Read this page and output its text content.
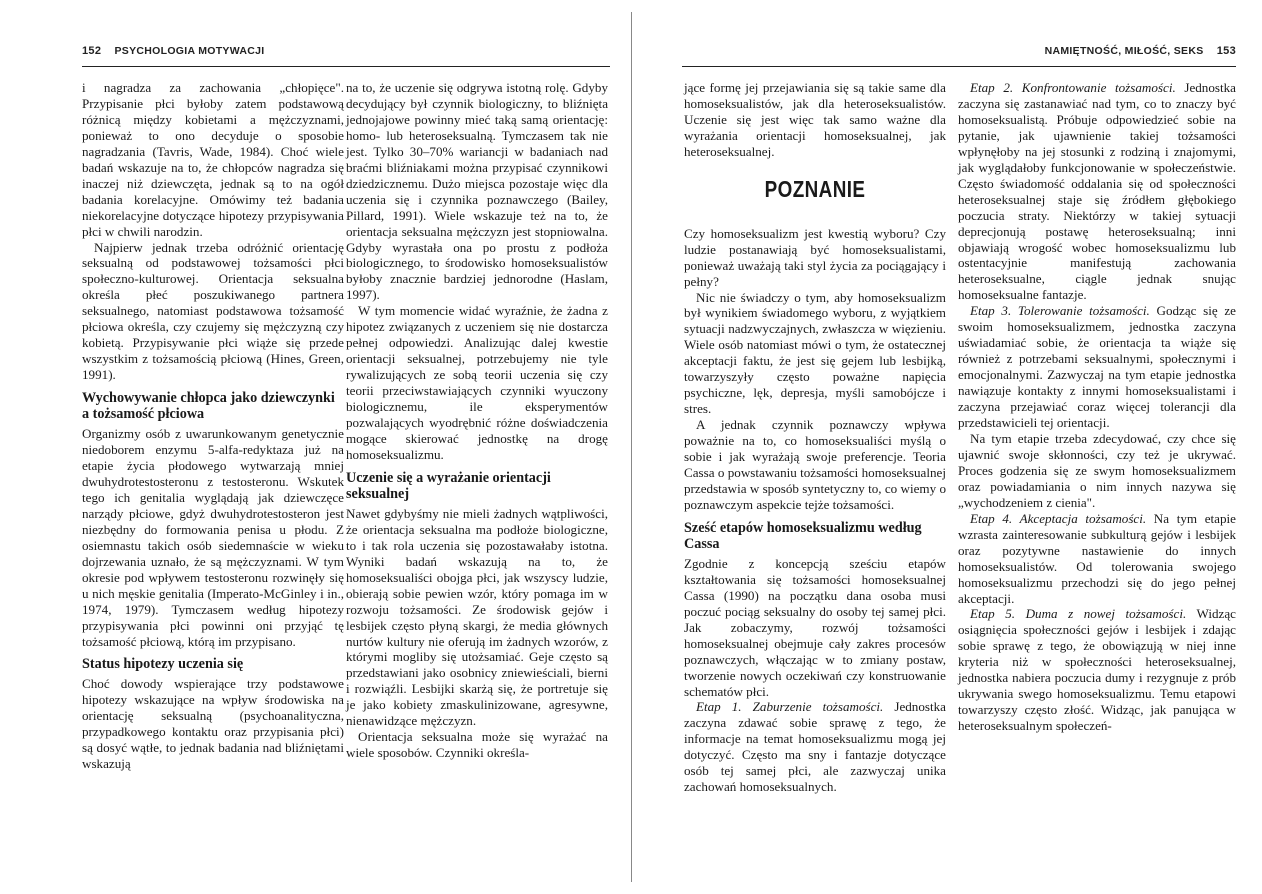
152 PSYCHOLOGIA MOTYWACJI

i nagradza za zachowania „chłopięce". Przypisanie płci byłoby zatem podstawową różnicą między kobietami a mężczyznami, ponieważ to ono decyduje o sposobie nagradzania (Tavris, Wade, 1984). Choć wiele badań wskazuje na to, że chłopców nagradza się inaczej niż dziewczęta, jednak są to na ogół badania korelacyjne. Omówimy też badania niekorelacyjne dotyczące hipotezy przypisywania płci w chwili narodzin.

Najpierw jednak trzeba odróżnić orientację seksualną od podstawowej tożsamości płci społeczno-kulturowej. Orientacja seksualna określa płeć poszukiwanego partnera seksualnego, natomiast podstawowa tożsamość płciowa określa, czy czujemy się mężczyzną czy kobietą. Przypisywanie płci wiąże się przede wszystkim z tożsamością płciową (Hines, Green, 1991).

Wychowywanie chłopca jako dziewczynki a tożsamość płciowa

Organizmy osób z uwarunkowanym genetycznie niedoborem enzymu 5-alfa-redyktaza już na etapie życia płodowego wytwarzają mniej dwuhydrotestosteronu z testosteronu. Wskutek tego ich genitalia wyglądają jak dziewczęce narządy płciowe, gdyż dwuhydrotestosteron jest niezbędny do formowania penisa u płodu. Z osiemnastu takich osób siedemnaście w wieku dojrzewania uznało, że są mężczyznami. W tym okresie pod wpływem testosteronu rozwinęły się u nich męskie genitalia (Imperato-McGinley i in., 1974, 1979). Tymczasem według hipotezy przypisywania płci powinni oni przyjąć tę tożsamość płciową, którą im przypisano.

Status hipotezy uczenia się

Choć dowody wspierające trzy podstawowe hipotezy wskazujące na wpływ środowiska na orientację seksualną (psychoanalityczna, przypadkowego kontaktu oraz przypisania płci) są dosyć wątłe, to jednak badania nad bliźniętami wskazują

na to, że uczenie się odgrywa istotną rolę. Gdyby decydujący był czynnik biologiczny, to bliźnięta jednojajowe powinny mieć taką samą orientację: homo- lub heteroseksualną. Tymczasem tak nie jest. Tylko 30–70% wariancji w badaniach nad braćmi bliźniakami można przypisać czynnikowi dziedzicznemu. Dużo miejsca pozostaje więc dla uczenia się i czynnika poznawczego (Bailey, Pillard, 1991). Wiele wskazuje też na to, że orientacja seksualna mężczyzn jest stopniowalna. Gdyby wyrastała ona po prostu z podłoża biologicznego, to środowisko homoseksualistów byłoby znacznie bardziej jednorodne (Haslam, 1997).

W tym momencie widać wyraźnie, że żadna z hipotez związanych z uczeniem się nie dostarcza pełnej odpowiedzi. Analizując dalej kwestie orientacji seksualnej, potrzebujemy nie tyle rywalizujących ze sobą teorii uczenia się czy teorii przeciwstawiających czynniki wyuczony biologicznemu, ile eksperymentów pozwalających wyodrębnić różne doświadczenia mogące skierować jednostkę na drogę homoseksualizmu.

Uczenie się a wyrażanie orientacji seksualnej

Nawet gdybyśmy nie mieli żadnych wątpliwości, że orientacja seksualna ma podłoże biologiczne, to i tak rola uczenia się pozostawałaby istotna. Wyniki badań wskazują na to, że homoseksualiści obojga płci, jak wszyscy ludzie, obierają sobie pewien wzór, który pomaga im w rozwoju tożsamości. Ze środowisk gejów i lesbijek często płyną skargi, że media głównych nurtów kultury nie oferują im żadnych wzorów, z którymi mogliby się utożsamiać. Geje często są przedstawiani jako osobnicy zniewieściali, bierni i rozwiąźli. Lesbijki skarżą się, że portretuje się je jako kobiety zmaskulinizowane, agresywne, nienawidzące mężczyzn.

Orientacja seksualna może się wyrażać na wiele sposobów. Czynniki określa-

NAMIĘTNOŚĆ, MIŁOŚĆ, SEKS 153

jące formę jej przejawiania się są takie same dla homoseksualistów, jak dla heteroseksualistów. Uczenie się jest więc tak samo ważne dla wyrażania orientacji homoseksualnej, jak heteroseksualnej.

POZNANIE

Czy homoseksualizm jest kwestią wyboru? Czy ludzie postanawiają być homoseksualistami, ponieważ uważają taki styl życia za pociągający i pełny?

Nic nie świadczy o tym, aby homoseksualizm był wynikiem świadomego wyboru, z wyjątkiem sytuacji nadzwyczajnych, zwłaszcza w więzieniu. Wiele osób natomiast mówi o tym, że ostatecznej akceptacji faktu, że jest się gejem lub lesbijką, towarzyszyły często poważne napięcia psychiczne, lęk, depresja, myśli samobójcze i stres.

A jednak czynnik poznawczy wpływa poważnie na to, co homoseksualiści myślą o sobie i jak wyrażają swoje preferencje. Teoria Cassa o powstawaniu tożsamości homoseksualnej przedstawia w sposób syntetyczny to, co wiemy o poznawczym aspekcie tejże tożsamości.

Sześć etapów homoseksualizmu według Cassa

Zgodnie z koncepcją sześciu etapów kształtowania się tożsamości homoseksualnej Cassa (1990) na początku dana osoba musi poczuć pociąg seksualny do osoby tej samej płci. Jak zobaczymy, rozwój tożsamości homoseksualnej obejmuje cały zakres procesów poznawczych, włączając w to zmiany postaw, tworzenie nowych oczekiwań czy konstruowanie schematów płci.

Etap 1. Zaburzenie tożsamości. Jednostka zaczyna zdawać sobie sprawę z tego, że informacje na temat homoseksualizmu mogą jej dotyczyć. Często ma sny i fantazje dotyczące osób tej samej płci, ale zazwyczaj unika zachowań homoseksualnych.

Etap 2. Konfrontowanie tożsamości. Jednostka zaczyna się zastanawiać nad tym, co to znaczy być homoseksualistą. Próbuje odpowiedzieć sobie na pytanie, jak ujawnienie takiej tożsamości wpłynęłoby na jej stosunki z rodziną i znajomymi, jak wyglądałoby funkcjonowanie w społeczeństwie. Często świadomość oddalania się od społeczności heteroseksualnej staje się źródłem głębokiego poczucia straty. Niektórzy w takiej sytuacji deprecjonują postawę heteroseksualną; inni objawiają wrogość wobec homoseksualizmu lub ostentacyjnie manifestują zachowania heteroseksualne, ciągle jednak snując homoseksualne fantazje.

Etap 3. Tolerowanie tożsamości. Godząc się ze swoim homoseksualizmem, jednostka zaczyna uświadamiać sobie, że orientacja ta wiąże się również z potrzebami seksualnymi, społecznymi i emocjonalnymi. Zazwyczaj na tym etapie jednostka nawiązuje kontakty z innymi homoseksualistami i zaczyna przejawiać coraz więcej tolerancji dla przedstawicieli tej orientacji.

Na tym etapie trzeba zdecydować, czy chce się ujawnić swoje skłonności, czy też je ukrywać. Proces godzenia się ze swym homoseksualizmem oraz powiadamiania o nim innych nazywa się „wychodzeniem z cienia".

Etap 4. Akceptacja tożsamości. Na tym etapie wzrasta zainteresowanie subkulturą gejów i lesbijek oraz pozytywne nastawienie do innych homoseksualistów. Od tolerowania swojego homoseksualizmu przechodzi się do jego pełnej akceptacji.

Etap 5. Duma z nowej tożsamości. Widząc osiągnięcia społeczności gejów i lesbijek i zdając sobie sprawę z tego, że obowiązują w niej inne kryteria niż w społeczności heteroseksualnej, jednostka nabiera poczucia dumy i rezygnuje z prób ukrywania swego homoseksualizmu. Temu etapowi towarzyszy często złość. Widząc, jak panująca w heteroseksualnym społeczeń-
